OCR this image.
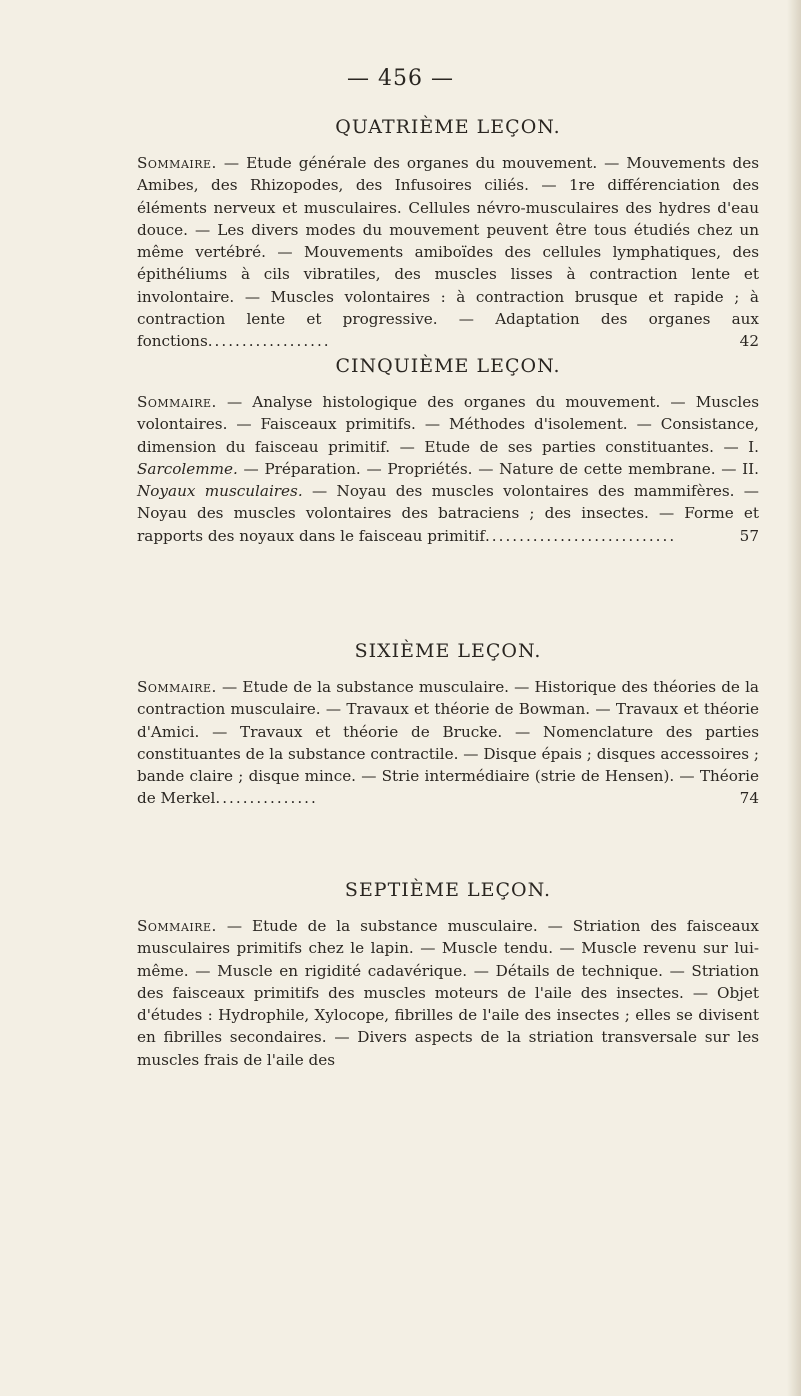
— 456 —
QUATRIÈME LEÇON.

Sommaire. — Etude générale des organes du mouvement. — Mouvements des Amibes, des Rhizopodes, des Infusoires ciliés. — 1re différenciation des éléments nerveux et musculaires. Cellules névro-musculaires des hydres d'eau douce. — Les divers modes du mouvement peuvent être tous étudiés chez un même vertébré. — Mouvements amiboïdes des cellules lymphatiques, des épithéliums à cils vibratiles, des muscles lisses à contraction lente et involontaire. — Muscles volontaires : à contraction brusque et rapide ; à contraction lente et progressive. — Adaptation des organes aux fonctions..................	42

CINQUIÈME LEÇON.

Sommaire. — Analyse histologique des organes du mouvement. — Muscles volontaires. — Faisceaux primitifs. — Méthodes d'isolement. — Consistance, dimension du faisceau primitif. — Etude de ses parties constituantes. — I. Sarcolemme. — Préparation. — Propriétés. — Nature de cette membrane. — II. Noyaux musculaires. — Noyau des muscles volontaires des mammifères. — Noyau des muscles volontaires des batraciens ; des insectes. — Forme et rapports des noyaux dans le faisceau primitif............................	57

SIXIÈME LEÇON.

Sommaire. — Etude de la substance musculaire. — Historique des théories de la contraction musculaire. — Travaux et théorie de Bowman. — Travaux et théorie d'Amici. — Travaux et théorie de Brucke. — Nomenclature des parties constituantes de la substance contractile. — Disque épais ; disques accessoires ; bande claire ; disque mince. — Strie intermédiaire (strie de Hensen). — Théorie de Merkel...............	74

SEPTIÈME LEÇON.

Sommaire. — Etude de la substance musculaire. — Striation des faisceaux musculaires primitifs chez le lapin. — Muscle tendu. — Muscle revenu sur lui-même. — Muscle en rigidité cadavérique. — Détails de technique. — Striation des faisceaux primitifs des muscles moteurs de l'aile des insectes. — Objet d'études : Hydrophile, Xylocope, fibrilles de l'aile des insectes ; elles se divisent en fibrilles secondaires. — Divers aspects de la striation transversale sur les muscles frais de l'aile des
